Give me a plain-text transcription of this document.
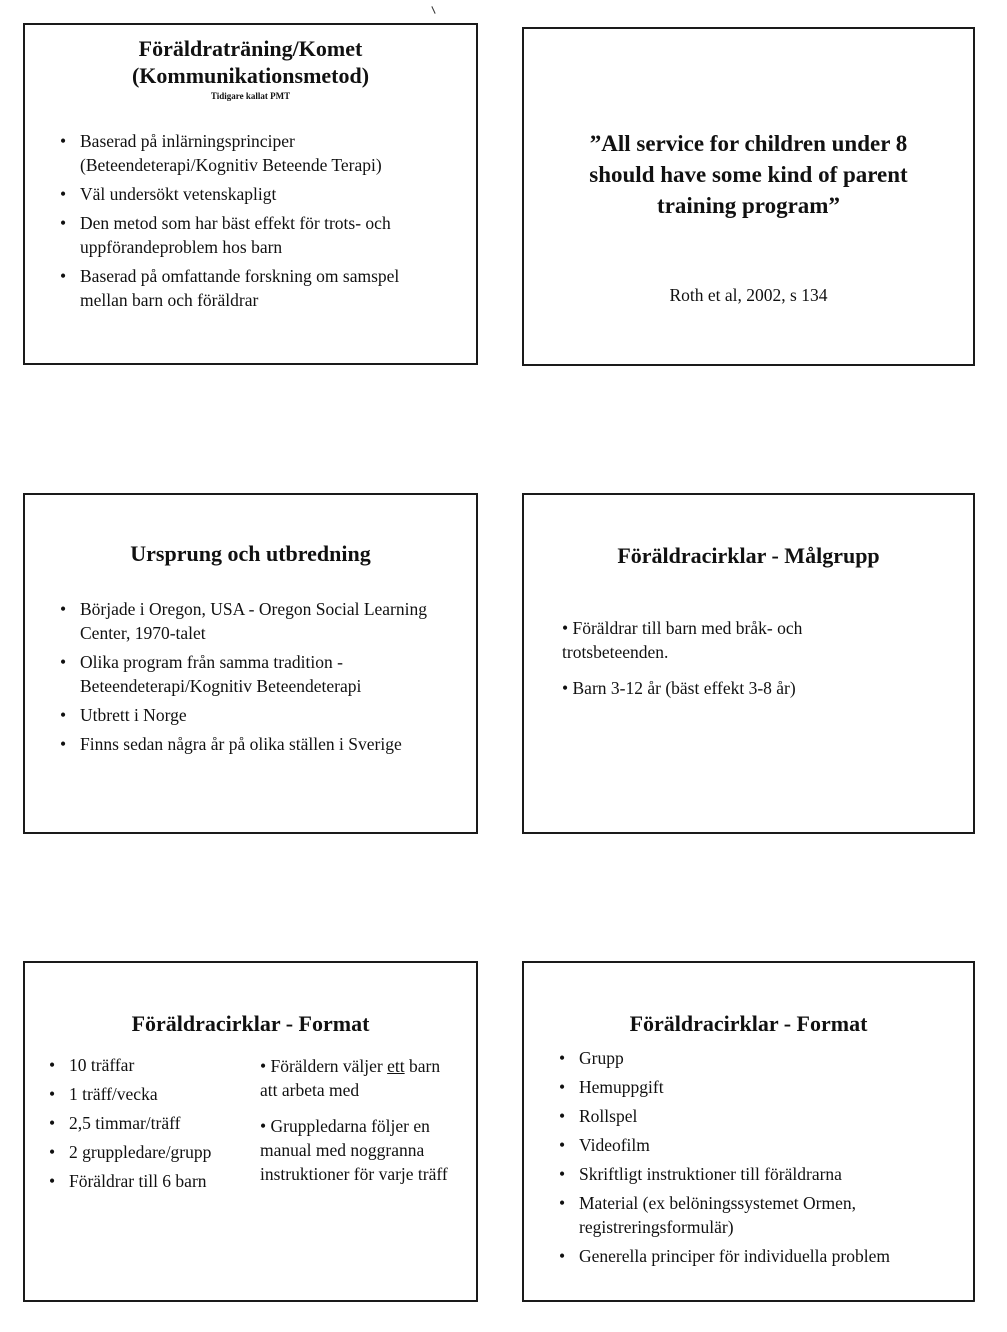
Föräldraträning/Komet
(Kommunikationsmetod)
Tidigare kallat PMT
• Baserad på inlärningsprinciper (Beteendeterapi/Kognitiv Beteende Terapi)
• Väl undersökt vetenskapligt
• Den metod som har bäst effekt för trots- och uppförandeproblem hos barn
• Baserad på omfattande forskning om samspel mellan barn och föräldrar
”All service for children under 8 should have some kind of parent training program”
Roth et al, 2002, s 134
Ursprung och utbredning
• Började i Oregon, USA - Oregon Social Learning Center, 1970-talet
• Olika program från samma tradition - Beteendeterapi/Kognitiv Beteendeterapi
• Utbrett i Norge
• Finns sedan några år på olika ställen i Sverige
Föräldracirklar - Målgrupp

• Föräldrar till barn med bråk- och trotsbeteenden.

• Barn 3-12 år (bäst effekt 3-8 år)

Föräldracirklar - Format
• 10 träffar
• 1 träff/vecka
• 2,5 timmar/träff
• 2 gruppledare/grupp
• Föräldrar till 6 barn

• Föräldern väljer ett barn att arbeta med

• Gruppledarna följer en manual med noggranna instruktioner för varje träff

Föräldracirklar - Format
• Grupp
• Hemuppgift
• Rollspel
• Videofilm
• Skriftligt instruktioner till föräldrarna
• Material (ex belöningssystemet Ormen, registreringsformulär)
• Generella principer för individuella problem
